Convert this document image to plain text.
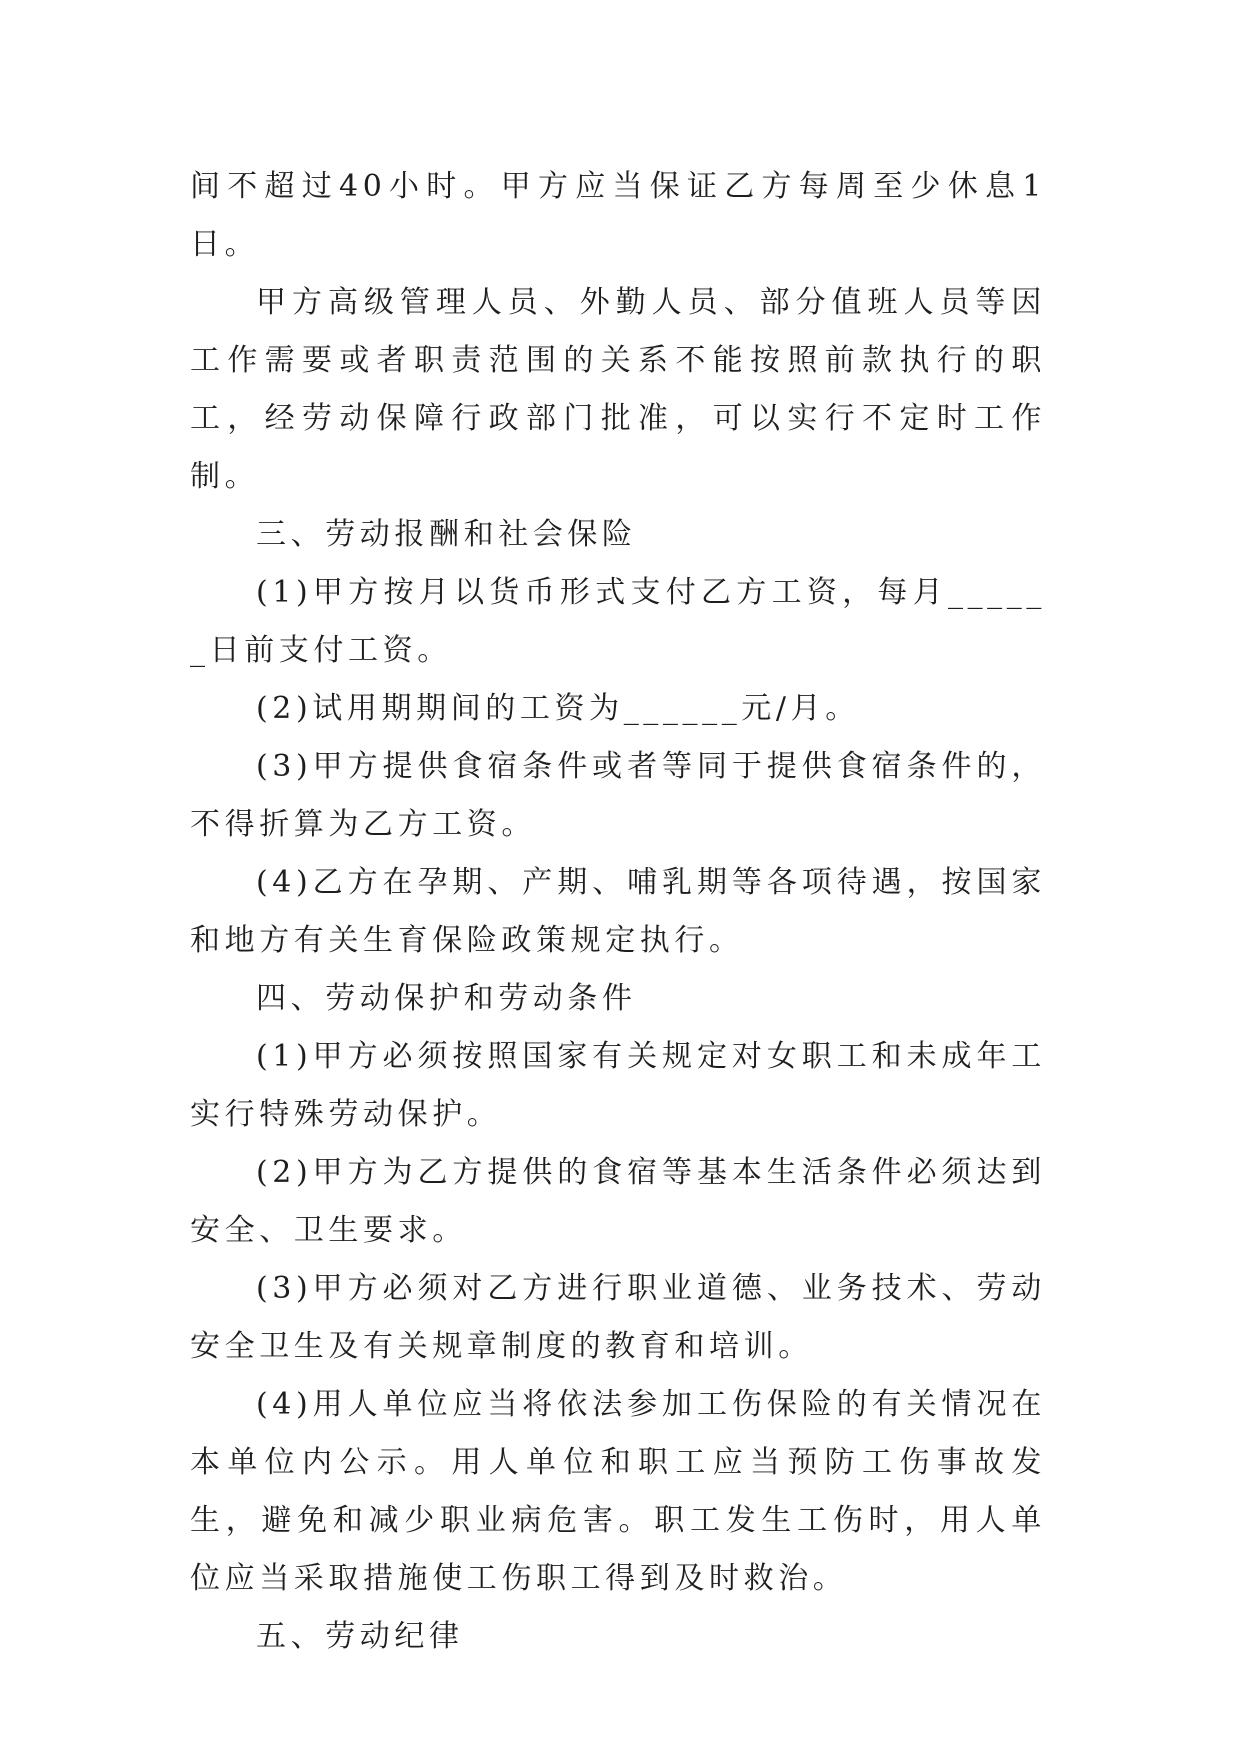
间不超过40小时。甲方应当保证乙方每周至少休息1日。

甲方高级管理人员、外勤人员、部分值班人员等因工作需要或者职责范围的关系不能按照前款执行的职工，经劳动保障行政部门批准，可以实行不定时工作制。

三、劳动报酬和社会保险

(1)甲方按月以货币形式支付乙方工资，每月______日前支付工资。

(2)试用期期间的工资为______元/月。

(3)甲方提供食宿条件或者等同于提供食宿条件的，不得折算为乙方工资。

(4)乙方在孕期、产期、哺乳期等各项待遇，按国家和地方有关生育保险政策规定执行。

四、劳动保护和劳动条件

(1)甲方必须按照国家有关规定对女职工和未成年工实行特殊劳动保护。

(2)甲方为乙方提供的食宿等基本生活条件必须达到安全、卫生要求。

(3)甲方必须对乙方进行职业道德、业务技术、劳动安全卫生及有关规章制度的教育和培训。

(4)用人单位应当将依法参加工伤保险的有关情况在本单位内公示。用人单位和职工应当预防工伤事故发生，避免和减少职业病危害。职工发生工伤时，用人单位应当采取措施使工伤职工得到及时救治。

五、劳动纪律
